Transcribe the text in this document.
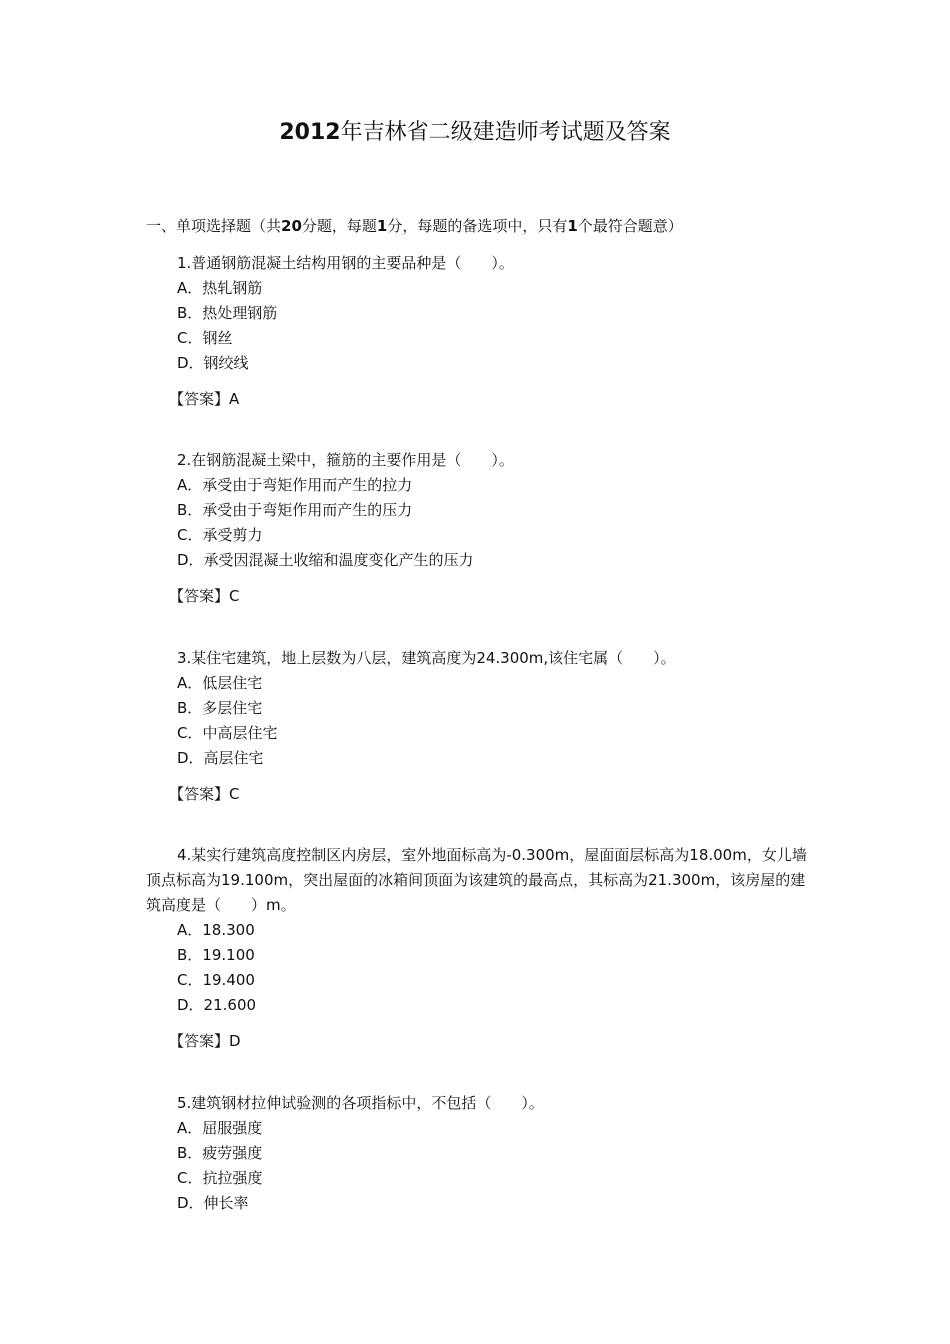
2012年吉林省二级建造师考试题及答案

一、单项选择题（共20分题，每题1分，每题的备选项中，只有1个最符合题意）

1.普通钢筋混凝土结构用钢的主要品种是（　　）。

A．热轧钢筋
B．热处理钢筋
C．钢丝
D．钢绞线

【答案】A

2.在钢筋混凝土梁中，箍筋的主要作用是（　　）。

A．承受由于弯矩作用而产生的拉力
B．承受由于弯矩作用而产生的压力
C．承受剪力
D．承受因混凝土收缩和温度变化产生的压力

【答案】C

3.某住宅建筑，地上层数为八层，建筑高度为24.300m,该住宅属（　　）。

A．低层住宅
B．多层住宅
C．中高层住宅
D．高层住宅

【答案】C

4.某实行建筑高度控制区内房层，室外地面标高为-0.300m，屋面面层标高为18.00m，女儿墙顶点标高为19.100m，突出屋面的冰箱间顶面为该建筑的最高点，其标高为21.300m，该房屋的建筑高度是（　　）m。

A．18.300
B．19.100
C．19.400
D．21.600

【答案】D

5.建筑钢材拉伸试验测的各项指标中，不包括（　　）。

A．屈服强度
B．疲劳强度
C．抗拉强度
D．伸长率
